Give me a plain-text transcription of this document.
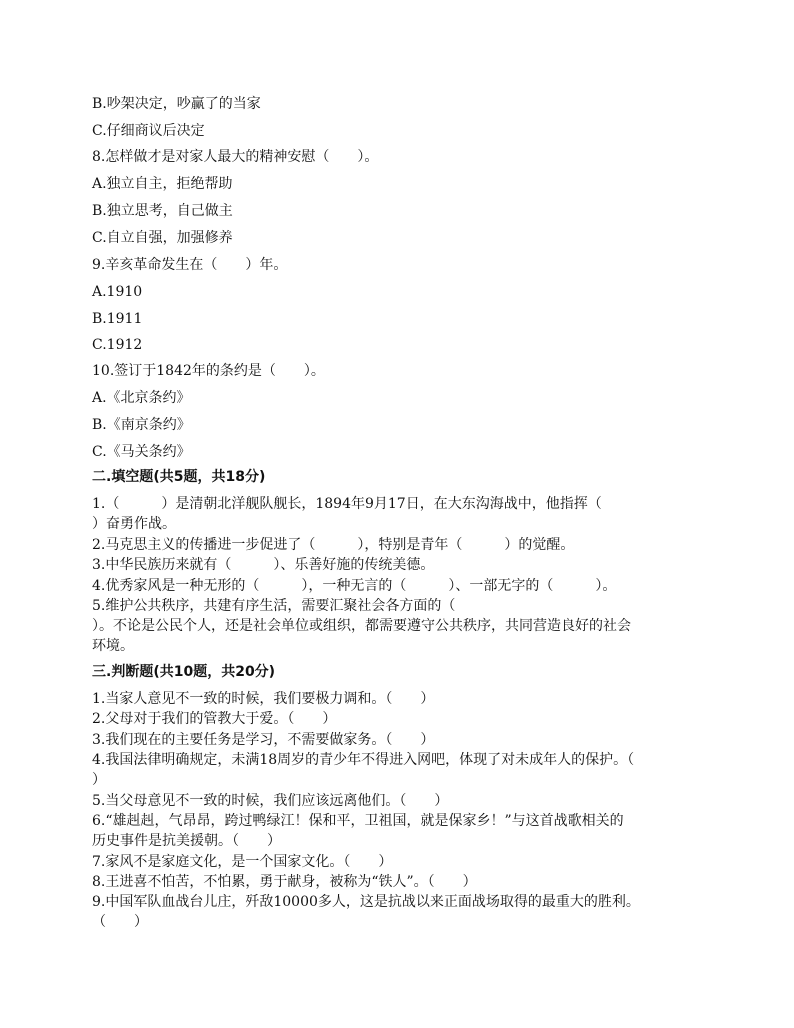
B.吵架决定，吵赢了的当家
C.仔细商议后决定
8.怎样做才是对家人最大的精神安慰（　　）。
A.独立自主，拒绝帮助
B.独立思考，自己做主
C.自立自强，加强修养
9.辛亥革命发生在（　　）年。
A.1910
B.1911
C.1912
10.签订于1842年的条约是（　　）。
A.《北京条约》
B.《南京条约》
C.《马关条约》
二.填空题(共5题，共18分)
1.（　　　）是清朝北洋舰队舰长，1894年9月17日，在大东沟海战中，他指挥（
）奋勇作战。
2.马克思主义的传播进一步促进了（　　　），特别是青年（　　　）的觉醒。
3.中华民族历来就有（　　　）、乐善好施的传统美德。
4.优秀家风是一种无形的（　　　），一种无言的（　　　）、一部无字的（　　　）。
5.维护公共秩序，共建有序生活，需要汇聚社会各方面的（
）。不论是公民个人，还是社会单位或组织，都需要遵守公共秩序，共同营造良好的社会
环境。
三.判断题(共10题，共20分)
1.当家人意见不一致的时候，我们要极力调和。（　　）
2.父母对于我们的管教大于爱。（　　）
3.我们现在的主要任务是学习，不需要做家务。（　　）
4.我国法律明确规定，未满18周岁的青少年不得进入网吧，体现了对未成年人的保护。（
）
5.当父母意见不一致的时候，我们应该远离他们。（　　）
6.“雄赳赳，气昂昂，跨过鸭绿江！保和平，卫祖国，就是保家乡！”与这首战歌相关的
历史事件是抗美援朝。（　　）
7.家风不是家庭文化，是一个国家文化。（　　）
8.王进喜不怕苦，不怕累，勇于献身，被称为“铁人”。（　　）
9.中国军队血战台儿庄，歼敌10000多人，这是抗战以来正面战场取得的最重大的胜利。
（　　）
